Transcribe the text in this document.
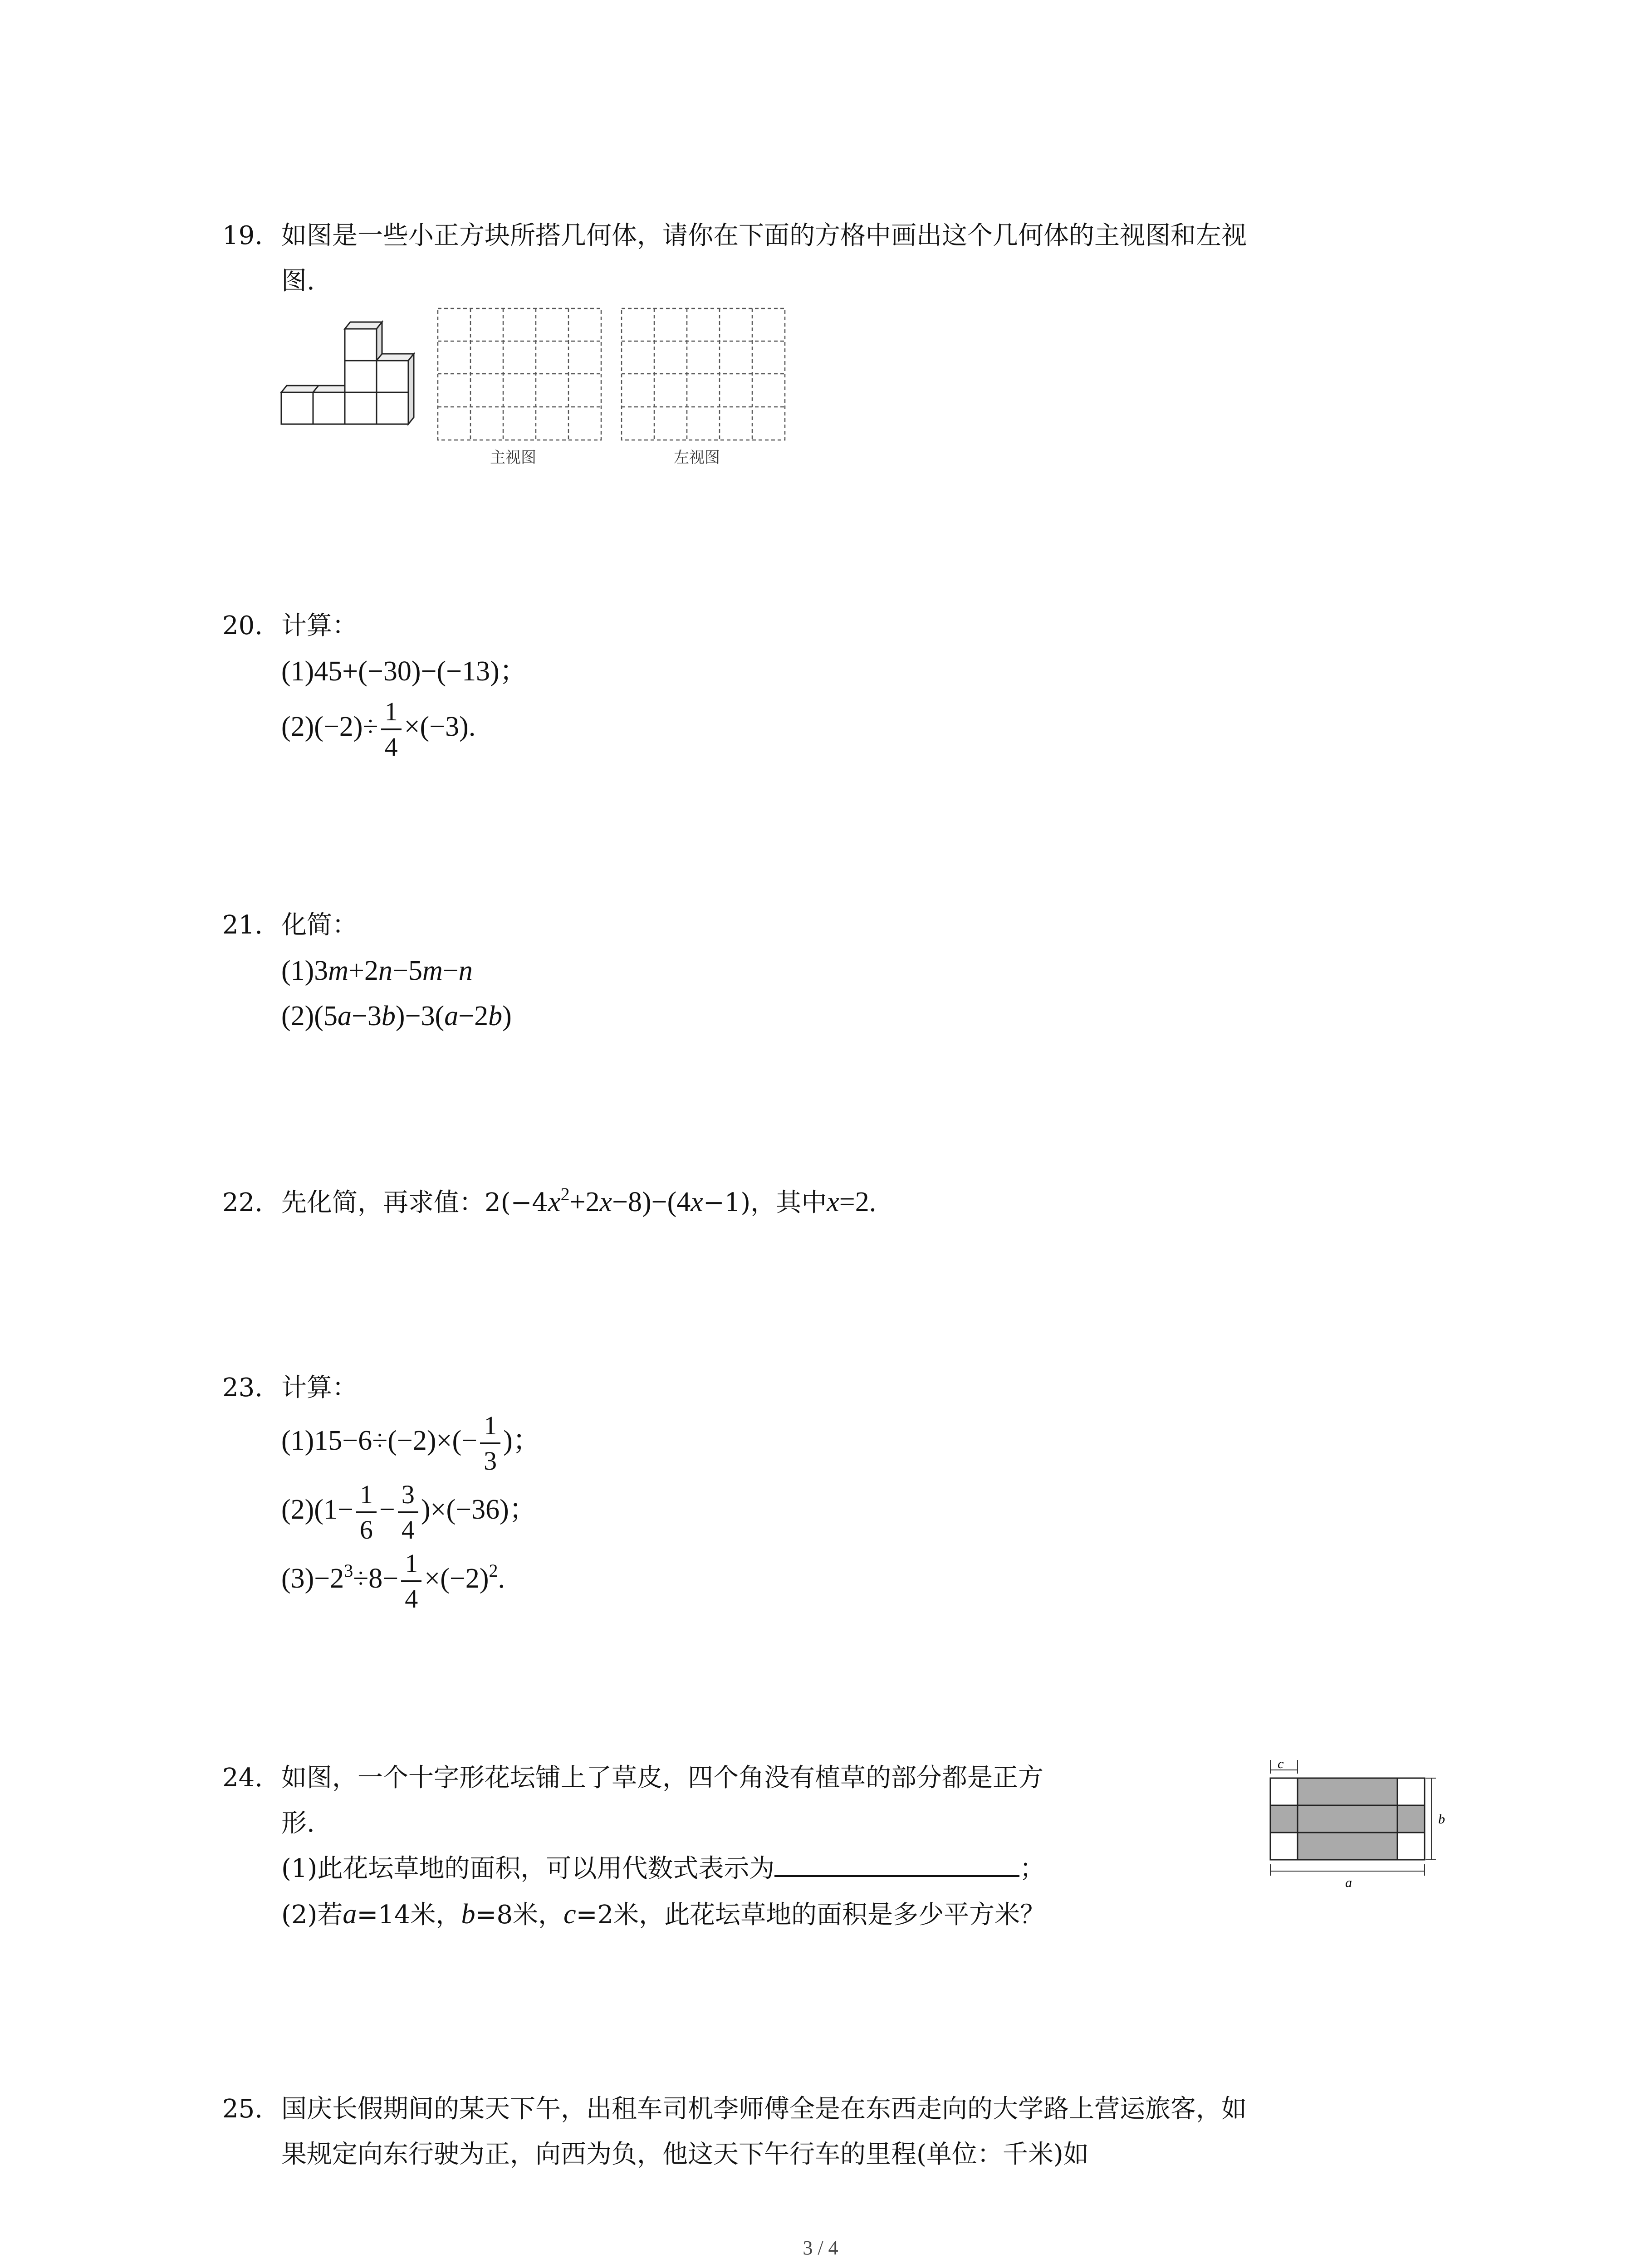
19. 如图是一些小正方块所搭几何体，请你在下面的方格中画出这个几何体的主视图和左视
图.
主视图	左视图
20. 计算：
(1)45+(−30)−(−13)；
$(2)(-2)\div \frac{1}{4} \times(-3)$.
21. 化简：
(1)3m+2n−5m−n
(2)(5a−3b)−3(a−2b)
22. 先化简，再求值：$2(-4x^2+2x-8)-(4x-1)$，其中x=2.
23. 计算：
$(1)15-6\div(-2)\times(- \frac{1}{3}$ )；
$(2)(1- \frac{1}{6} - \frac{3}{4} )\times(-36)$；
$(3)-2^3\div 8- \frac{1}{4} \times(-2)^2$.
24. 如图，一个十字形花坛铺上了草皮，四个角没有植草的部分都是正方
形.
(1)此花坛草地的面积，可以用代数式表示为	；
(2)若a=14米，b=8米，c=2米，此花坛草地的面积是多少平方米？
c
b
a
25. 国庆长假期间的某天下午，出租车司机李师傅全是在东西走向的大学路上营运旅客，如
果规定向东行驶为正，向西为负，他这天下午行车的里程(单位：千米)如
3 / 4
